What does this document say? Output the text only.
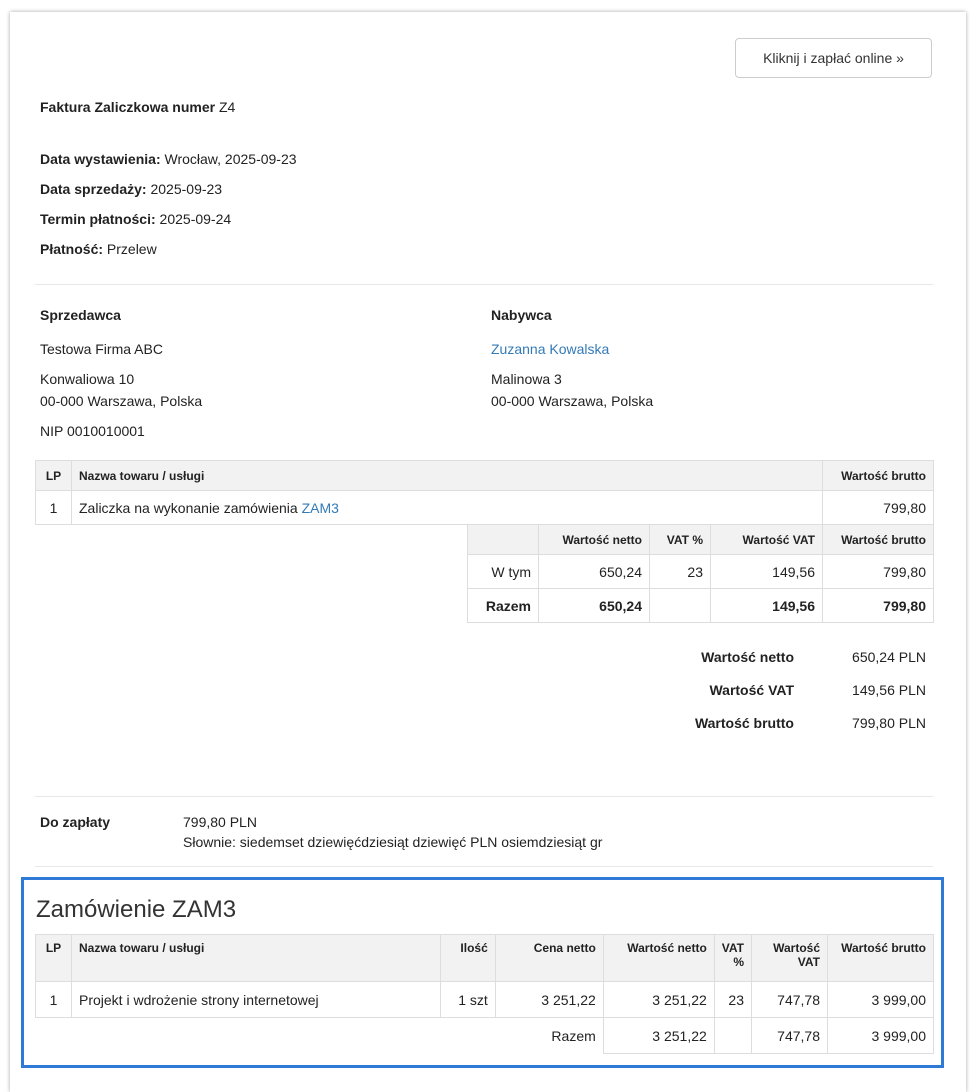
Kliknij i zapłać online »
Faktura Zaliczkowa numer Z4
Data wystawienia: Wrocław, 2025-09-23
Data sprzedaży: 2025-09-23
Termin płatności: 2025-09-24
Płatność: Przelew
Sprzedawca
Testowa Firma ABC
Konwaliowa 10
00-000 Warszawa, Polska
NIP 0010010001
Nabywca
Zuzanna Kowalska
Malinowa 3
00-000 Warszawa, Polska
LP	Nazwa towaru / usługi	Wartość brutto
1	Zaliczka na wykonanie zamówienia ZAM3	799,80
	Wartość netto	VAT %	Wartość VAT	Wartość brutto
W tym	650,24	23	149,56	799,80
Razem	650,24		149,56	799,80
Wartość netto	650,24 PLN
Wartość VAT	149,56 PLN
Wartość brutto	799,80 PLN
Do zapłaty	799,80 PLN
Słownie: siedemset dziewięćdziesiąt dziewięć PLN osiemdziesiąt gr
Zamówienie ZAM3
LP	Nazwa towaru / usługi	Ilość	Cena netto	Wartość netto	VAT %	Wartość VAT	Wartość brutto
1	Projekt i wdrożenie strony internetowej	1 szt	3 251,22	3 251,22	23	747,78	3 999,00
			Razem	3 251,22		747,78	3 999,00
